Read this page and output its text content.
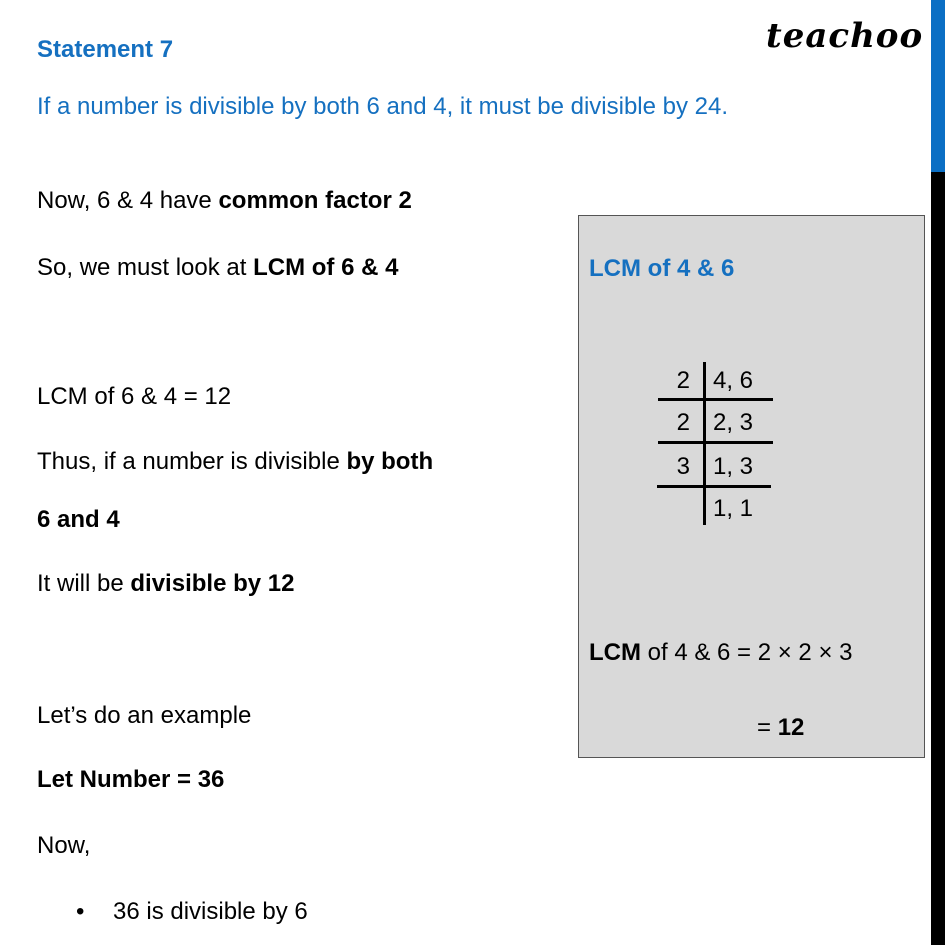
teachoo
Statement 7
If a number is divisible by both 6 and 4, it must be divisible by 24.
Now, 6 & 4 have common factor 2
So, we must look at LCM of 6 & 4
LCM of 6 & 4 = 12
Thus, if a number is divisible by both
6 and 4
It will be divisible by 12
Let’s do an example
Let Number = 36
Now,
• 36 is divisible by 6
LCM of 4 & 6
2 4, 6
2 2, 3
3 1, 3
1, 1
LCM of 4 & 6 = 2 × 2 × 3
= 12
